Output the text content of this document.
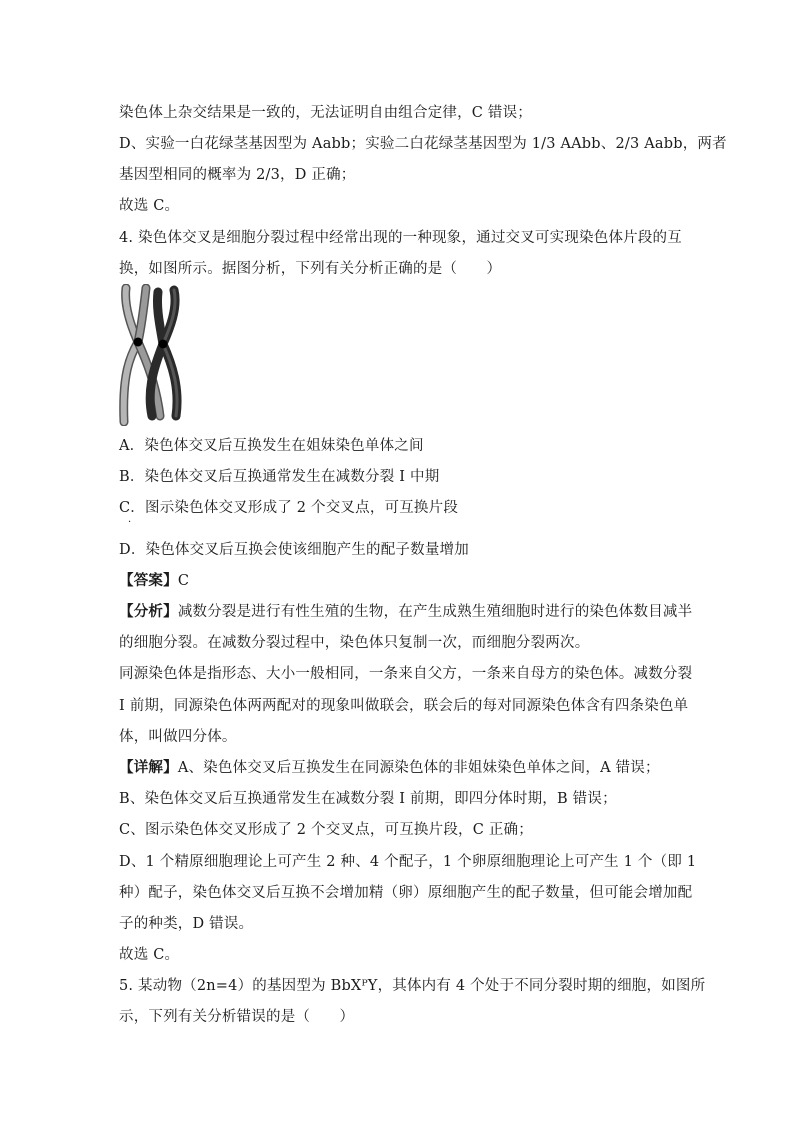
染色体上杂交结果是一致的，无法证明自由组合定律，C 错误；
D、实验一白花绿茎基因型为 Aabb；实验二白花绿茎基因型为 1/3 AAbb、2/3 Aabb，两者
基因型相同的概率为 2/3，D 正确；
故选 C。
4. 染色体交叉是细胞分裂过程中经常出现的一种现象，通过交叉可实现染色体片段的互
换，如图所示。据图分析，下列有关分析正确的是（　　）
A．染色体交叉后互换发生在姐妹染色单体之间
B．染色体交叉后互换通常发生在减数分裂 I 中期
C．图示染色体交叉形成了 2 个交叉点，可互换片段
·
D．染色体交叉后互换会使该细胞产生的配子数量增加
【答案】C
【分析】减数分裂是进行有性生殖的生物，在产生成熟生殖细胞时进行的染色体数目减半
的细胞分裂。在减数分裂过程中，染色体只复制一次，而细胞分裂两次。
同源染色体是指形态、大小一般相同，一条来自父方，一条来自母方的染色体。减数分裂
I 前期，同源染色体两两配对的现象叫做联会，联会后的每对同源染色体含有四条染色单
体，叫做四分体。
【详解】A、染色体交叉后互换发生在同源染色体的非姐妹染色单体之间，A 错误；
B、染色体交叉后互换通常发生在减数分裂 I 前期，即四分体时期，B 错误；
C、图示染色体交叉形成了 2 个交叉点，可互换片段，C 正确；
D、1 个精原细胞理论上可产生 2 种、4 个配子，1 个卵原细胞理论上可产生 1 个（即 1
种）配子，染色体交叉后互换不会增加精（卵）原细胞产生的配子数量，但可能会增加配
子的种类，D 错误。
故选 C。
5. 某动物（2n=4）的基因型为 BbXᴾY，其体内有 4 个处于不同分裂时期的细胞，如图所
示，下列有关分析错误的是（　　）
